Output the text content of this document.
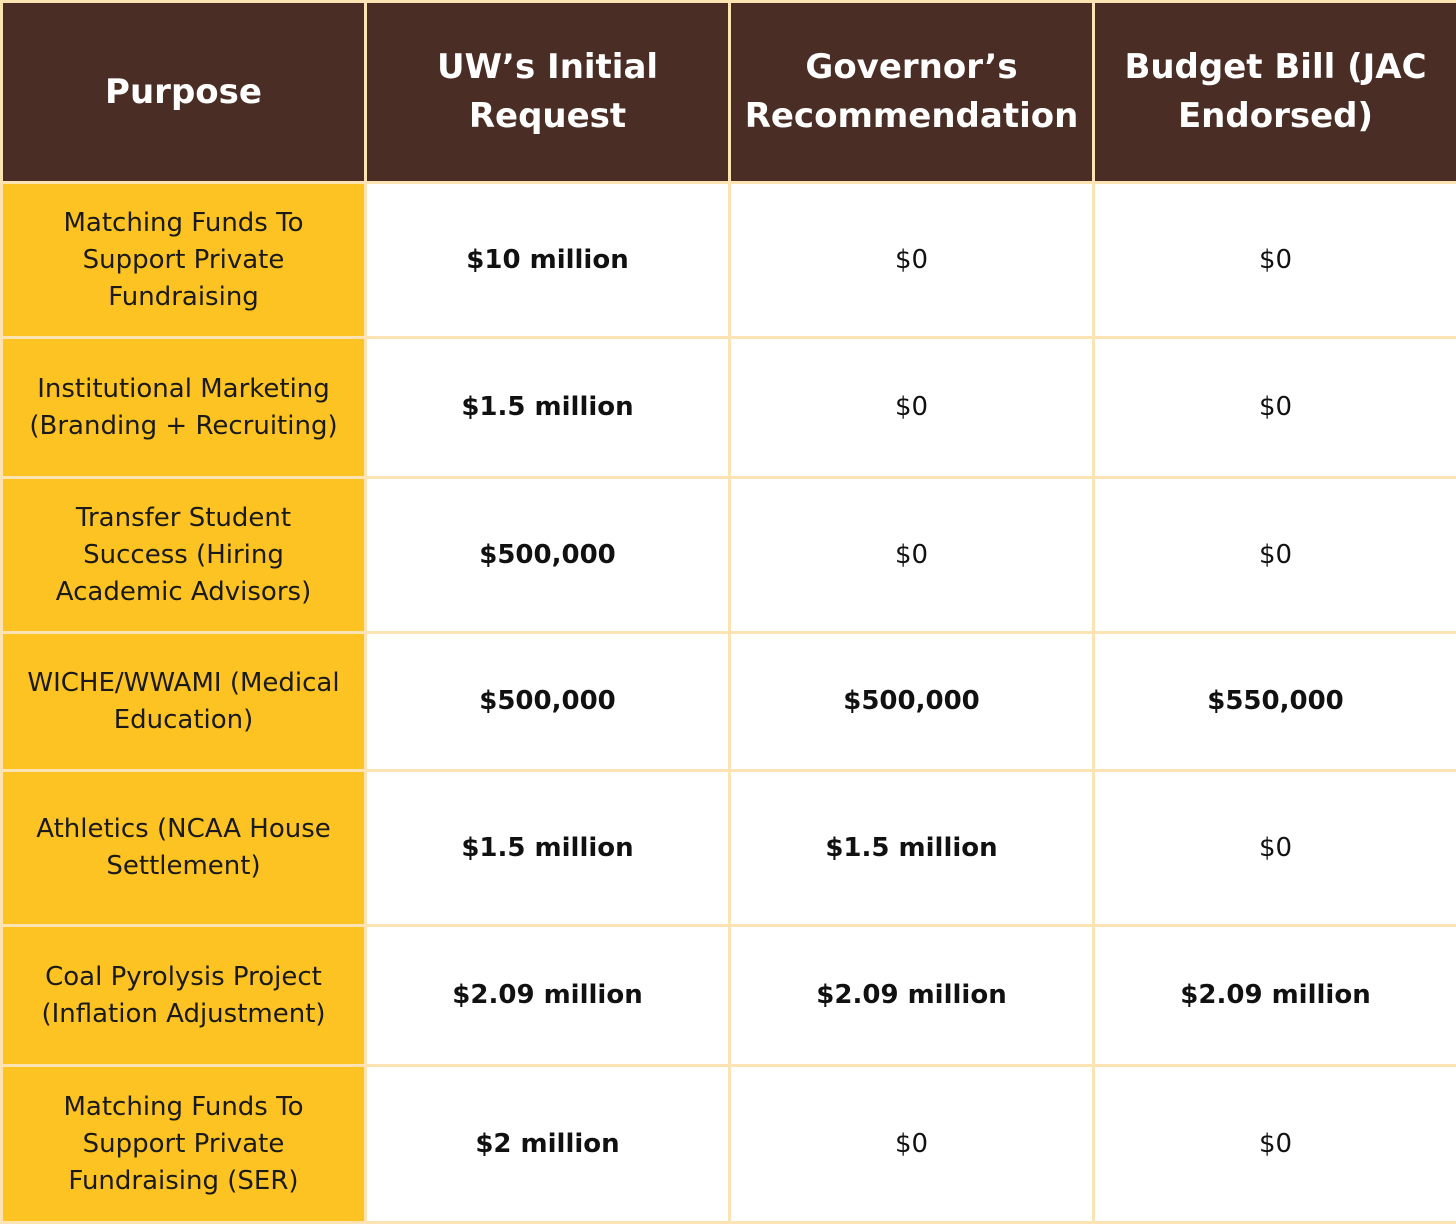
Purpose	UW’s Initial Request	Governor’s Recommendation	Budget Bill (JAC Endorsed)
Matching Funds To Support Private Fundraising	$10 million	$0	$0
Institutional Marketing (Branding + Recruiting)	$1.5 million	$0	$0
Transfer Student Success (Hiring Academic Advisors)	$500,000	$0	$0
WICHE/WWAMI (Medical Education)	$500,000	$500,000	$550,000
Athletics (NCAA House Settlement)	$1.5 million	$1.5 million	$0
Coal Pyrolysis Project (Inflation Adjustment)	$2.09 million	$2.09 million	$2.09 million
Matching Funds To Support Private Fundraising (SER)	$2 million	$0	$0
